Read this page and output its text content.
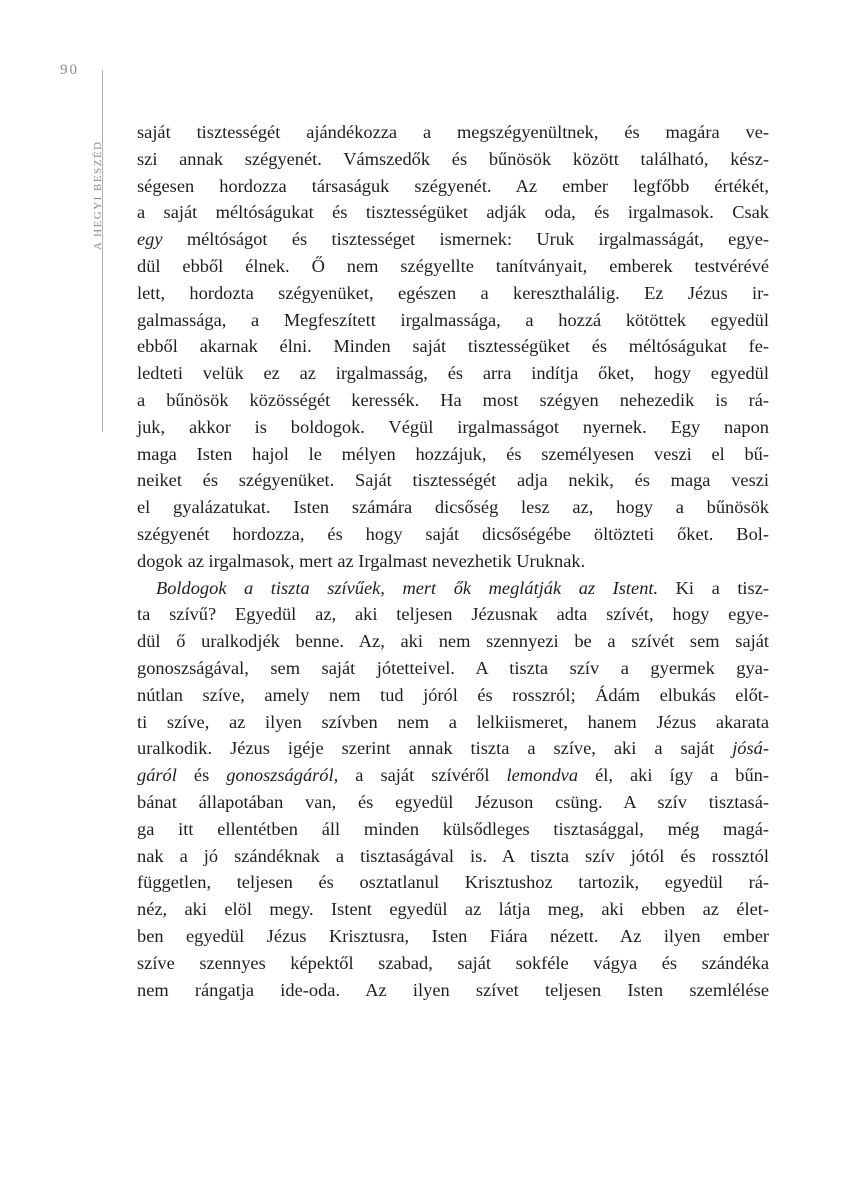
90
A HEGYI BESZÉD
saját tisztességét ajándékozza a megszégyenültnek, és magára ve-
szi annak szégyenét. Vámszedők és bűnösök között található, kész-
ségesen hordozza társaságuk szégyenét. Az ember legfőbb értékét,
a saját méltóságukat és tisztességüket adják oda, és irgalmasok. Csak
egy méltóságot és tisztességet ismernek: Uruk irgalmasságát, egye-
dül ebből élnek. Ő nem szégyellte tanítványait, emberek testvérévé
lett, hordozta szégyenüket, egészen a kereszthalálig. Ez Jézus ir-
galmassága, a Megfeszített irgalmassága, a hozzá kötöttek egyedül
ebből akarnak élni. Minden saját tisztességüket és méltóságukat fe-
ledteti velük ez az irgalmasság, és arra indítja őket, hogy egyedül
a bűnösök közösségét keressék. Ha most szégyen nehezedik is rá-
juk, akkor is boldogok. Végül irgalmasságot nyernek. Egy napon
maga Isten hajol le mélyen hozzájuk, és személyesen veszi el bű-
neiket és szégyenüket. Saját tisztességét adja nekik, és maga veszi
el gyalázatukat. Isten számára dicsőség lesz az, hogy a bűnösök
szégyenét hordozza, és hogy saját dicsőségébe öltözteti őket. Bol-
dogok az irgalmasok, mert az Irgalmast nevezhetik Uruknak.
Boldogok a tiszta szívűek, mert ők meglátják az Istent. Ki a tisz-
ta szívű? Egyedül az, aki teljesen Jézusnak adta szívét, hogy egye-
dül ő uralkodjék benne. Az, aki nem szennyezi be a szívét sem saját
gonoszságával, sem saját jótetteivel. A tiszta szív a gyermek gya-
nútlan szíve, amely nem tud jóról és rosszról; Ádám elbukás előt-
ti szíve, az ilyen szívben nem a lelkiismeret, hanem Jézus akarata
uralkodik. Jézus igéje szerint annak tiszta a szíve, aki a saját jósá-
gáról és gonoszságáról, a saját szívéről lemondva él, aki így a bűn-
bánat állapotában van, és egyedül Jézuson csüng. A szív tisztasá-
ga itt ellentétben áll minden külsődleges tisztasággal, még magá-
nak a jó szándéknak a tisztaságával is. A tiszta szív jótól és rossztól
független, teljesen és osztatlanul Krisztushoz tartozik, egyedül rá-
néz, aki elöl megy. Istent egyedül az látja meg, aki ebben az élet-
ben egyedül Jézus Krisztusra, Isten Fiára nézett. Az ilyen ember
szíve szennyes képektől szabad, saját sokféle vágya és szándéka
nem rángatja ide-oda. Az ilyen szívet teljesen Isten szemlélése
